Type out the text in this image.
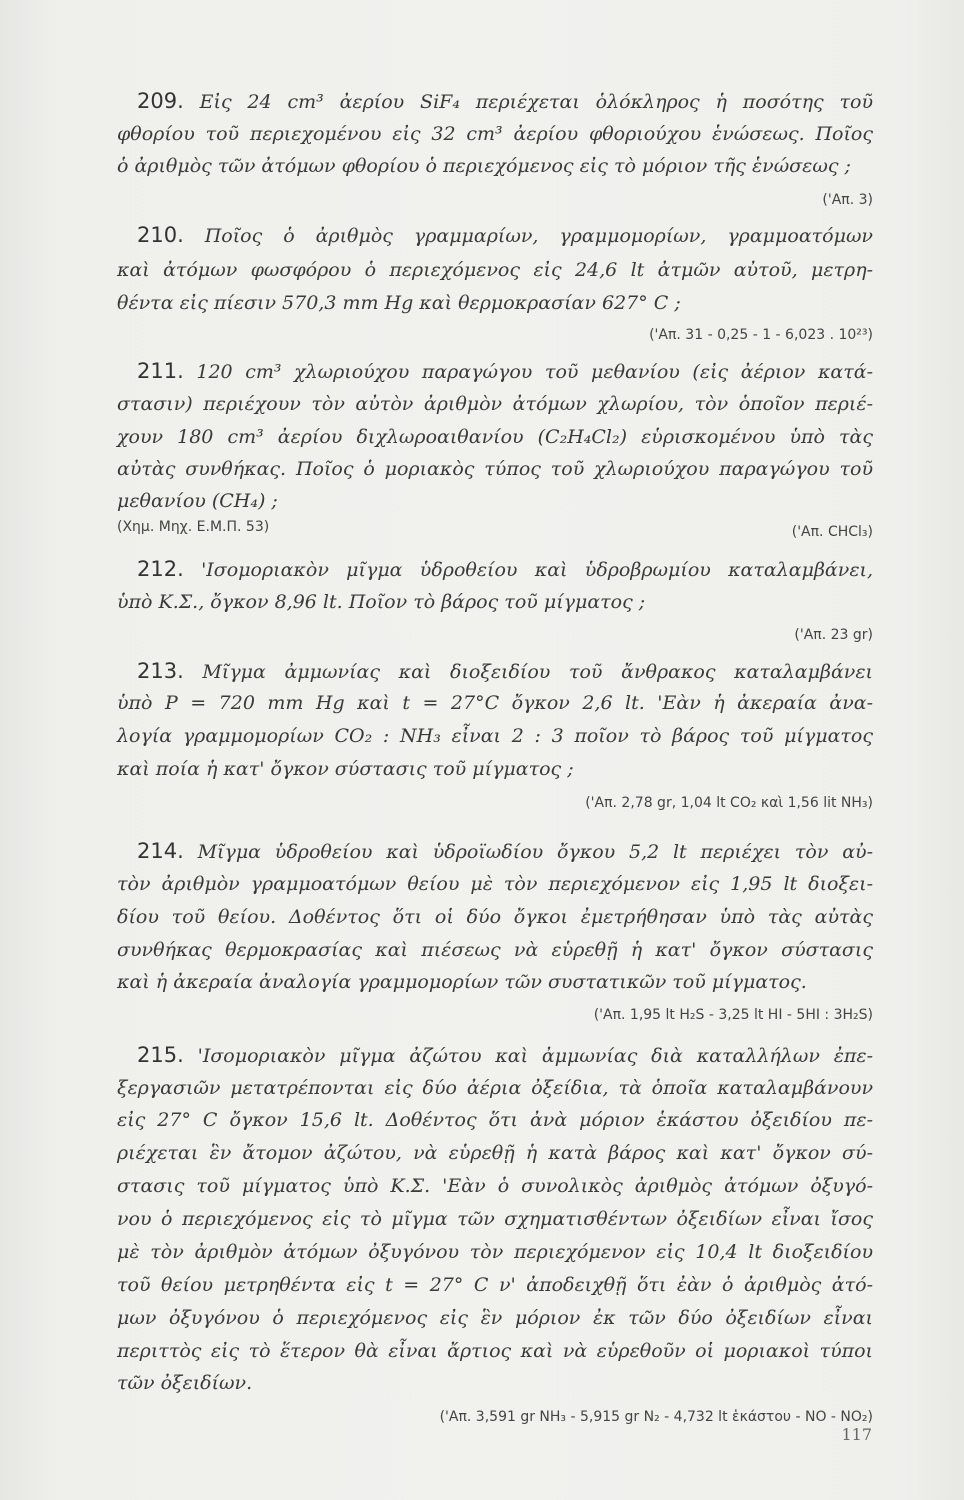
209. Εἰς 24 cm³ ἀερίου SiF₄ περιέχεται ὁλόκληρος ἡ ποσότης τοῦ
φθορίου τοῦ περιεχομένου εἰς 32 cm³ ἀερίου φθοριούχου ἑνώσεως. Ποῖος
ὁ ἀριθμὸς τῶν ἀτόμων φθορίου ὁ περιεχόμενος εἰς τὸ μόριον τῆς ἑνώσεως ;
('Απ. 3)
210. Ποῖος ὁ ἀριθμὸς γραμμαρίων, γραμμομορίων, γραμμοατόμων
καὶ ἀτόμων φωσφόρου ὁ περιεχόμενος εἰς 24,6 lt ἀτμῶν αὐτοῦ, μετρη-
θέντα εἰς πίεσιν 570,3 mm Hg καὶ θερμοκρασίαν 627° C ;
('Απ. 31 - 0,25 - 1 - 6,023 . 10²³)
211. 120 cm³ χλωριούχου παραγώγου τοῦ μεθανίου (εἰς ἀέριον κατά-
στασιν) περιέχουν τὸν αὐτὸν ἀριθμὸν ἀτόμων χλωρίου, τὸν ὁποῖον περιέ-
χουν 180 cm³ ἀερίου διχλωροαιθανίου (C₂H₄Cl₂) εὑρισκομένου ὑπὸ τὰς
αὐτὰς συνθήκας. Ποῖος ὁ μοριακὸς τύπος τοῦ χλωριούχου παραγώγου τοῦ
μεθανίου (CH₄) ;
(Χημ. Μηχ. Ε.Μ.Π. 53)	('Απ. CHCl₃)
212. 'Ισομοριακὸν μῖγμα ὑδροθείου καὶ ὑδροβρωμίου καταλαμβάνει,
ὑπὸ Κ.Σ., ὄγκον 8,96 lt. Ποῖον τὸ βάρος τοῦ μίγματος ;
('Απ. 23 gr)
213. Μῖγμα ἀμμωνίας καὶ διοξειδίου τοῦ ἄνθρακος καταλαμβάνει
ὑπὸ P = 720 mm Hg καὶ t = 27°C ὄγκον 2,6 lt. 'Εὰν ἡ ἀκεραία ἀνα-
λογία γραμμομορίων CO₂ : NH₃ εἶναι 2 : 3 ποῖον τὸ βάρος τοῦ μίγματος
καὶ ποία ἡ κατ' ὄγκον σύστασις τοῦ μίγματος ;
('Απ. 2,78 gr, 1,04 lt CO₂ καὶ 1,56 lit NH₃)
214. Μῖγμα ὑδροθείου καὶ ὑδροϊωδίου ὄγκου 5,2 lt περιέχει τὸν αὐ-
τὸν ἀριθμὸν γραμμοατόμων θείου μὲ τὸν περιεχόμενον εἰς 1,95 lt διοξει-
δίου τοῦ θείου. Δοθέντος ὅτι οἱ δύο ὄγκοι ἐμετρήθησαν ὑπὸ τὰς αὐτὰς
συνθήκας θερμοκρασίας καὶ πιέσεως νὰ εὑρεθῇ ἡ κατ' ὄγκον σύστασις
καὶ ἡ ἀκεραία ἀναλογία γραμμομορίων τῶν συστατικῶν τοῦ μίγματος.
('Απ. 1,95 lt H₂S - 3,25 lt HI - 5HI : 3H₂S)
215. 'Ισομοριακὸν μῖγμα ἀζώτου καὶ ἀμμωνίας διὰ καταλλήλων ἐπε-
ξεργασιῶν μετατρέπονται εἰς δύο ἀέρια ὀξείδια, τὰ ὁποῖα καταλαμβάνουν
εἰς 27° C ὄγκον 15,6 lt. Δοθέντος ὅτι ἀνὰ μόριον ἑκάστου ὀξειδίου πε-
ριέχεται ἓν ἄτομον ἀζώτου, νὰ εὑρεθῇ ἡ κατὰ βάρος καὶ κατ' ὄγκον σύ-
στασις τοῦ μίγματος ὑπὸ Κ.Σ. 'Εὰν ὁ συνολικὸς ἀριθμὸς ἀτόμων ὀξυγό-
νου ὁ περιεχόμενος εἰς τὸ μῖγμα τῶν σχηματισθέντων ὀξειδίων εἶναι ἴσος
μὲ τὸν ἀριθμὸν ἀτόμων ὀξυγόνου τὸν περιεχόμενον εἰς 10,4 lt διοξειδίου
τοῦ θείου μετρηθέντα εἰς t = 27° C ν' ἀποδειχθῇ ὅτι ἐὰν ὁ ἀριθμὸς ἀτό-
μων ὀξυγόνου ὁ περιεχόμενος εἰς ἓν μόριον ἐκ τῶν δύο ὀξειδίων εἶναι
περιττὸς εἰς τὸ ἕτερον θὰ εἶναι ἄρτιος καὶ νὰ εὑρεθοῦν οἱ μοριακοὶ τύποι
τῶν ὀξειδίων.
('Απ. 3,591 gr NH₃ - 5,915 gr N₂ - 4,732 lt ἑκάστου - NO - NO₂)
117
